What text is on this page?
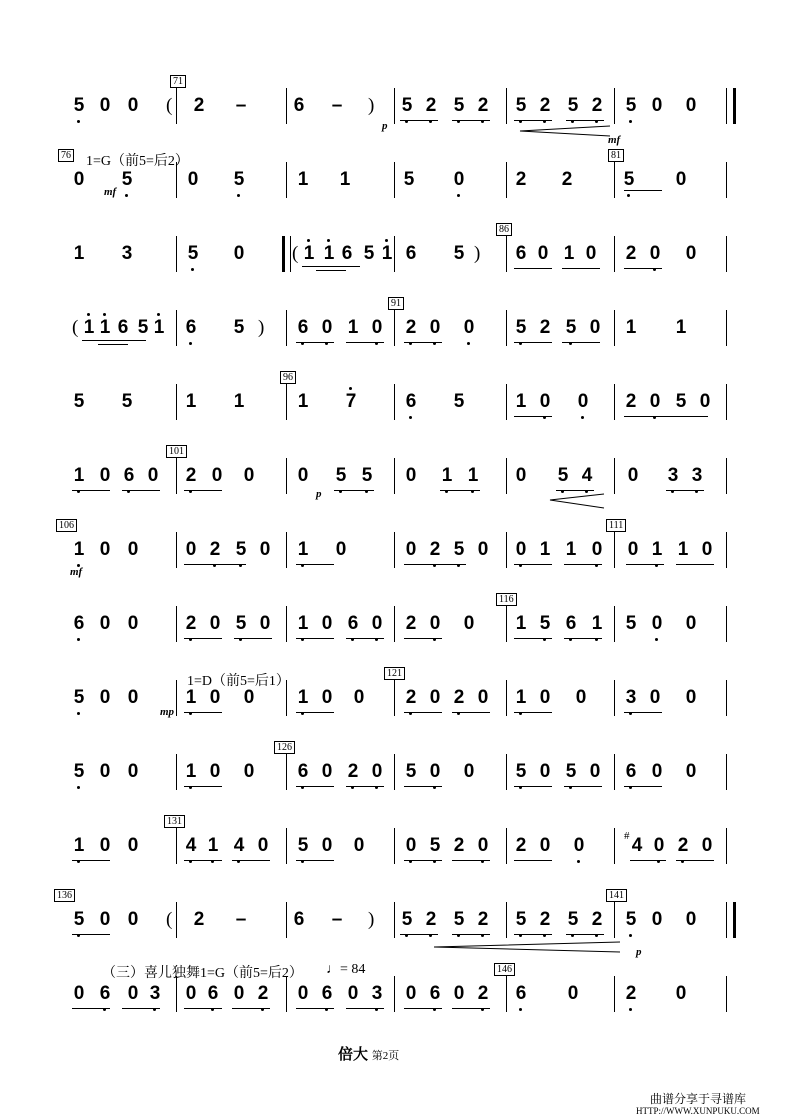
5 0 0	2 – 6 –	5 2 5 2 5 2 5 2 5 0 0
0 5	0 5	1 1	5 0	2 2	5 0
1 3	5 0	1 1 6 5 1 6 5	6 0 1 0 2 0 0
1 1 6 5 1 6 5	6 0 1 0 2 0 0 5 2 5 0 1 1
5 5	1 1	1 7	6 5	1 0 0 2 0 5 0
1 0 6 0 2 0 0 0 5 5 0 1 1 0 5 4 0 3 3
1 0 0 0 2 5 0 1 0	0 2 5 0 0 1 1 0 0 1 1 0
6 0 0 2 0 5 0 1 0 6 0 2 0 0 1 5 6 1 5 0 0
5 0 0 1 0 0 1 0 0 2 0 2 0 1 0 0 3 0 0
5 0 0 1 0 0 6 0 2 0 5 0 0 5 0 5 0 6 0 0
1 0 0 4 1 4 0 5 0 0 0 5 2 0 2 0 0 4 0 2 0
5 0 0	2 – 6 –	5 2 5 2 5 2 5 2 5 0 0
0 6 0 3 0 6 0 2 0 6 0 3 0 6 0 2 6 0 2 0
71
76	81
86
91
96
101
106	111
116
121
126
131
136	141
146
(	)
(	)
(	)
(	)
p
mf
p
mf
mp
mf
p
#
1=G（前5=后2）
1=D（前5=后1）
（三）喜儿独舞1=G（前5=后2） ♩= 84
倍大 第2页
曲谱分享于寻谱库
HTTP://WWW.XUNPUKU.COM
